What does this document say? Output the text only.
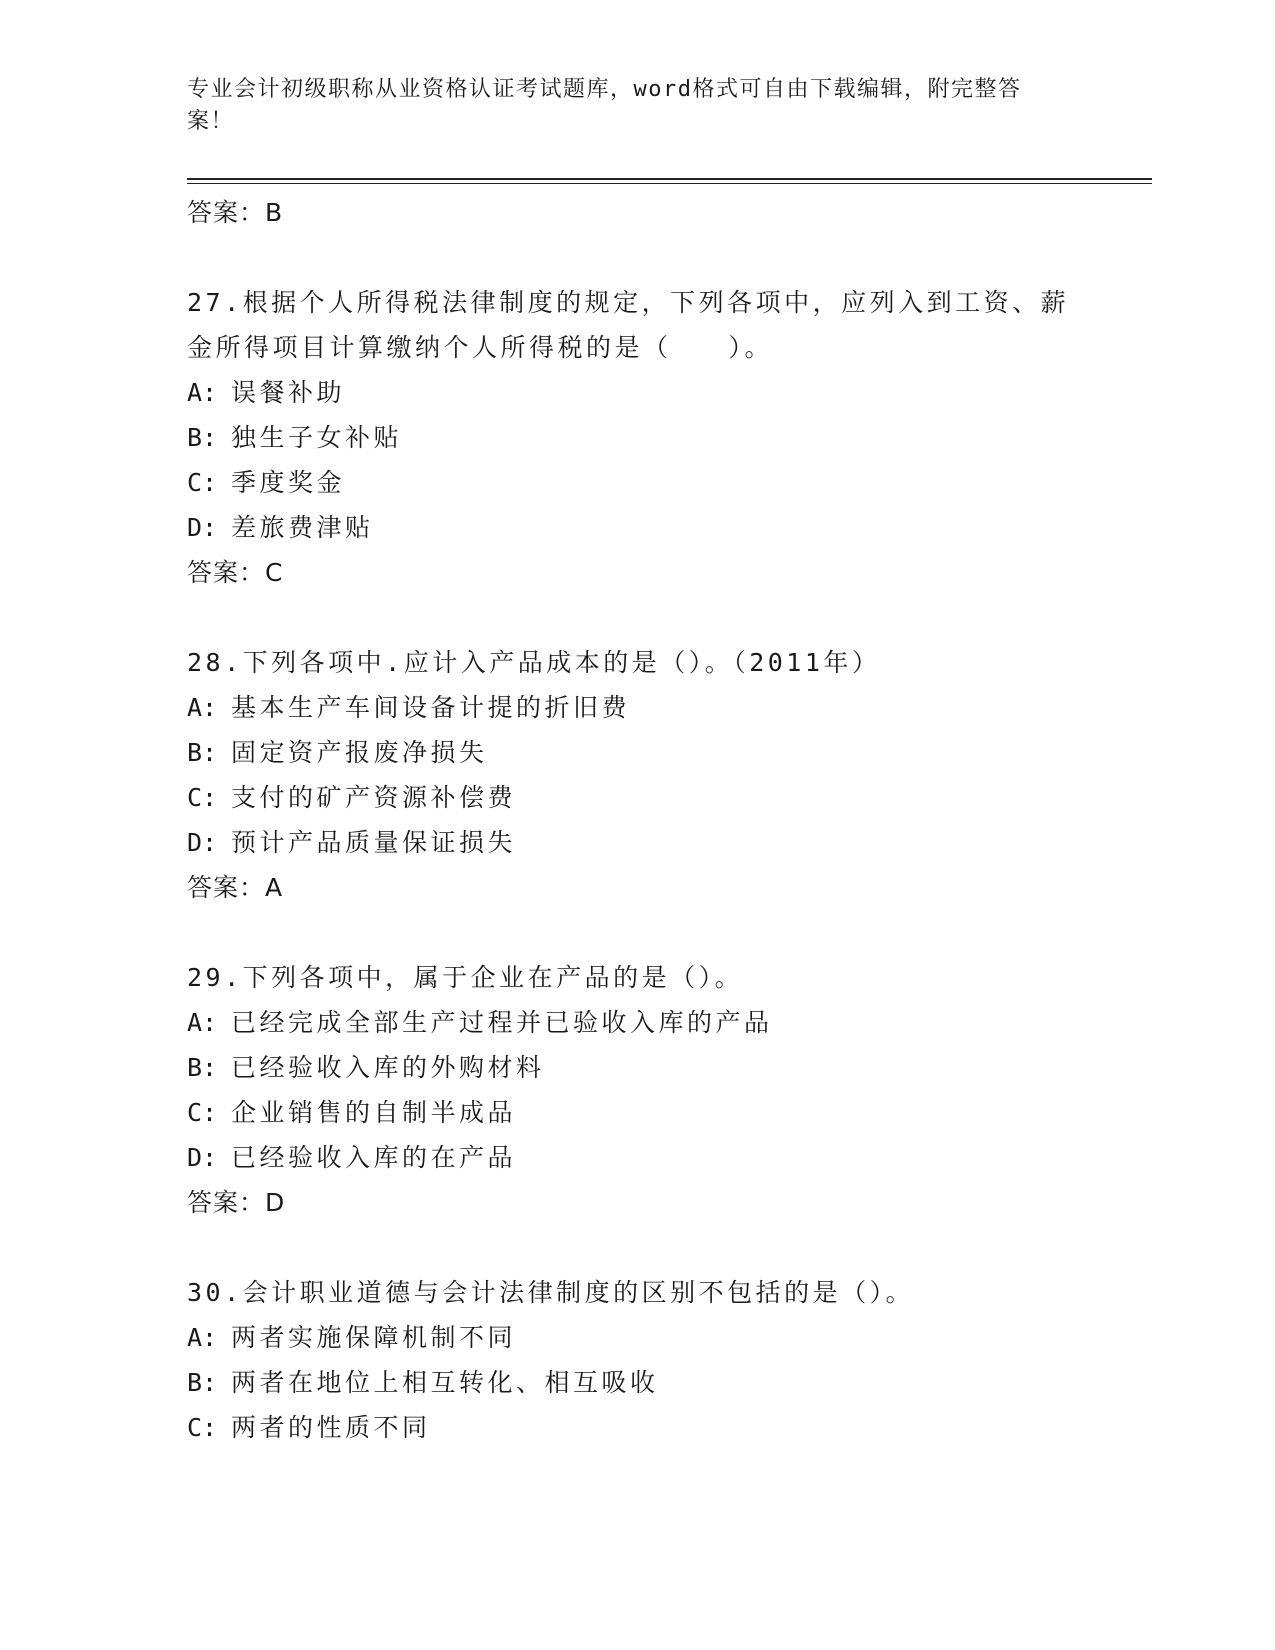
专业会计初级职称从业资格认证考试题库，word格式可自由下载编辑，附完整答案！
答案：B
27.根据个人所得税法律制度的规定，下列各项中，应列入到工资、薪金所得项目计算缴纳个人所得税的是（　　）。
A: 误餐补助
B: 独生子女补贴
C: 季度奖金
D: 差旅费津贴
答案：C
28.下列各项中.应计入产品成本的是（）。（2011年）
A: 基本生产车间设备计提的折旧费
B: 固定资产报废净损失
C: 支付的矿产资源补偿费
D: 预计产品质量保证损失
答案：A
29.下列各项中，属于企业在产品的是（）。
A: 已经完成全部生产过程并已验收入库的产品
B: 已经验收入库的外购材料
C: 企业销售的自制半成品
D: 已经验收入库的在产品
答案：D
30.会计职业道德与会计法律制度的区别不包括的是（）。
A: 两者实施保障机制不同
B: 两者在地位上相互转化、相互吸收
C: 两者的性质不同
